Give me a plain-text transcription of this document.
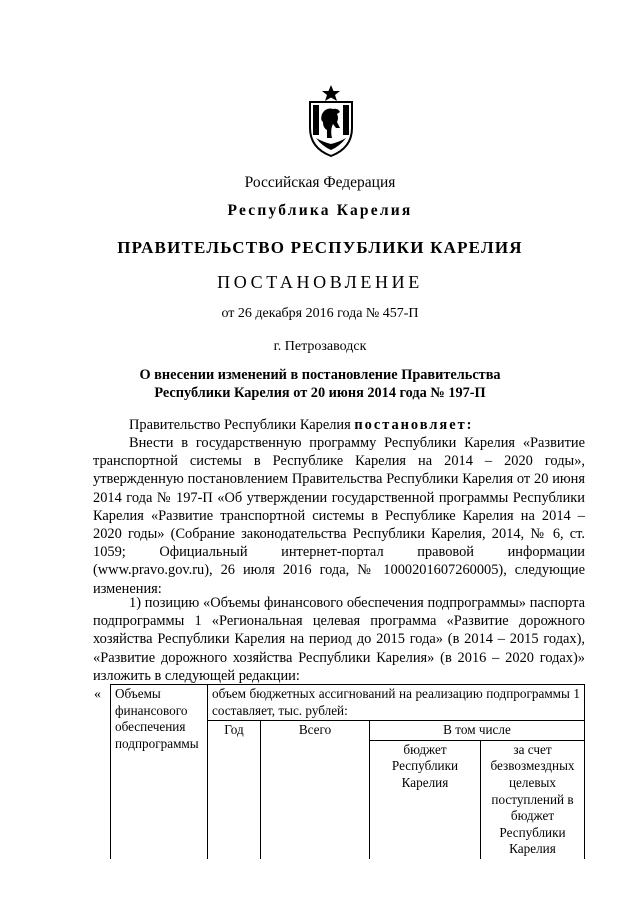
Российская Федерация
Республика Карелия
ПРАВИТЕЛЬСТВО РЕСПУБЛИКИ КАРЕЛИЯ
ПОСТАНОВЛЕНИЕ
от 26 декабря 2016 года № 457-П
г. Петрозаводск
О внесении изменений в постановление Правительства
Республики Карелия от 20 июня 2014 года № 197-П
Правительство Республики Карелия постановляет:
Внести в государственную программу Республики Карелия «Развитие транспортной системы в Республике Карелия на 2014 – 2020 годы», утвержденную постановлением Правительства Республики Карелия от 20 июня 2014 года № 197-П «Об утверждении государственной программы Республики Карелия «Развитие транспортной системы в Республике Карелия на 2014 – 2020 годы» (Собрание законодательства Республики Карелия, 2014, № 6, ст. 1059; Официальный интернет-портал правовой информации (www.pravo.gov.ru), 26 июля 2016 года, № 1000201607260005), следующие изменения:
1) позицию «Объемы финансового обеспечения подпрограммы» паспорта подпрограммы 1 «Региональная целевая программа «Развитие дорожного хозяйства Республики Карелия на период до 2015 года» (в 2014 – 2015 годах), «Развитие дорожного хозяйства Республики Карелия» (в 2016 – 2020 годах)» изложить в следующей редакции:
« Объемы финансового обеспечения подпрограммы	объем бюджетных ассигнований на реализацию подпрограммы 1 составляет, тыс. рублей:			
	Год	Всего	В том числе	
			бюджет Республики Карелия	за счет безвозмездных целевых поступлений в бюджет Республики Карелия
